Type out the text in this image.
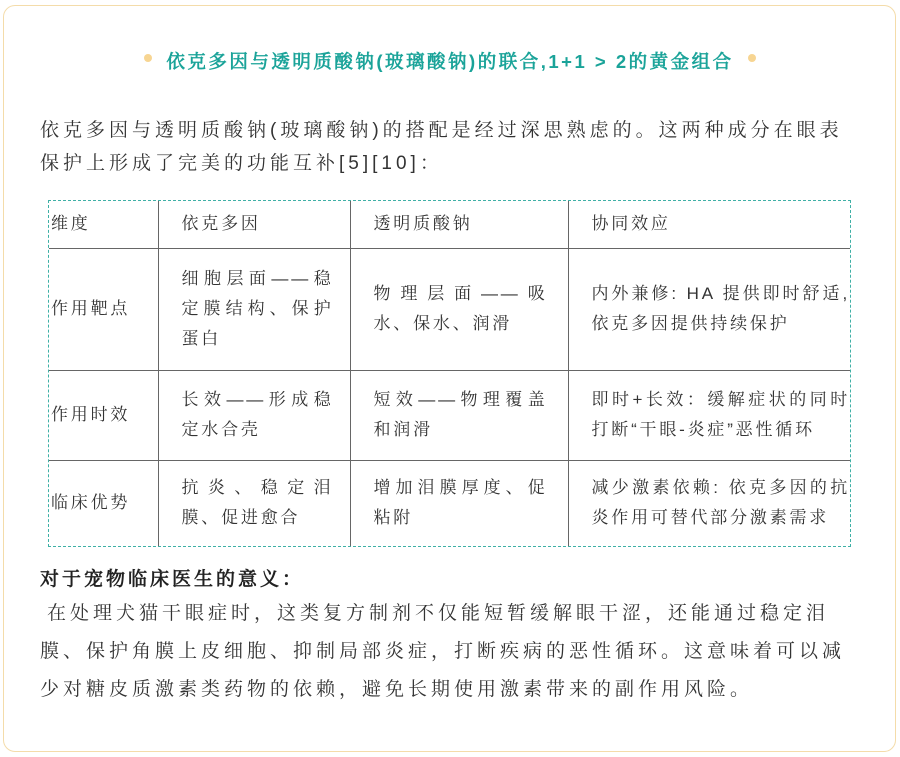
依克多因与透明质酸钠(玻璃酸钠)的联合,1+1 > 2的黄金组合

依克多因与透明质酸钠(玻璃酸钠)的搭配是经过深思熟虑的。这两种成分在眼表保护上形成了完美的功能互补[5][10]：

维度	依克多因	透明质酸钠	协同效应
作用靶点	细胞层面——稳定膜结构、保护蛋白	物理层面——吸水、保水、润滑	内外兼修: HA 提供即时舒适,依克多因提供持续保护
作用时效	长效——形成稳定水合壳	短效——物理覆盖和润滑	即时+长效：缓解症状的同时打断“干眼-炎症”恶性循环
临床优势	抗炎、稳定泪膜、促进愈合	增加泪膜厚度、促粘附	减少激素依赖: 依克多因的抗炎作用可替代部分激素需求
对于宠物临床医生的意义：

在处理犬猫干眼症时，这类复方制剂不仅能短暂缓解眼干涩，还能通过稳定泪膜、保护角膜上皮细胞、抑制局部炎症，打断疾病的恶性循环。这意味着可以减少对糖皮质激素类药物的依赖，避免长期使用激素带来的副作用风险。
